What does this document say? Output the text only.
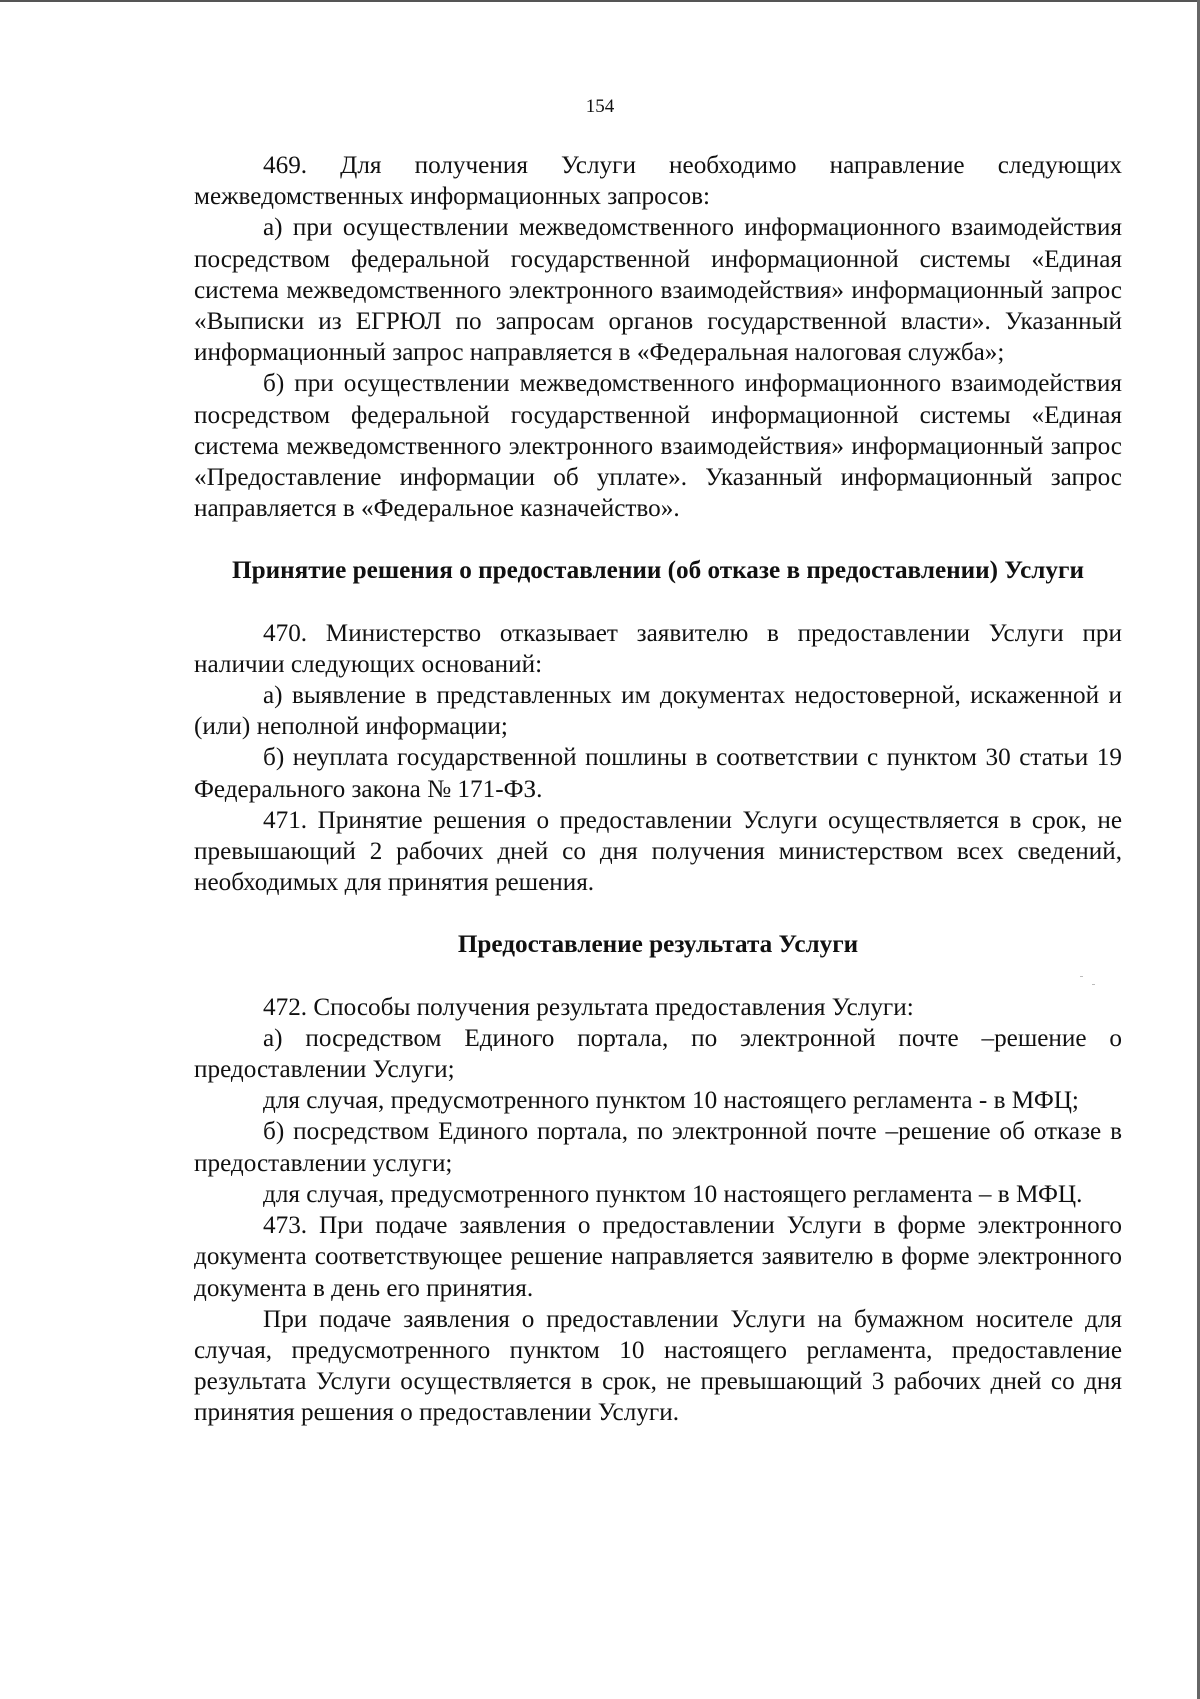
154

469. Для получения Услуги необходимо направление следующих межведомственных информационных запросов:

а) при осуществлении межведомственного информационного взаимодействия посредством федеральной государственной информационной системы «Единая система межведомственного электронного взаимодействия» информационный запрос «Выписки из ЕГРЮЛ по запросам органов государственной власти». Указанный информационный запрос направляется в «Федеральная налоговая служба»;

б) при осуществлении межведомственного информационного взаимодействия посредством федеральной государственной информационной системы «Единая система межведомственного электронного взаимодействия» информационный запрос «Предоставление информации об уплате». Указанный информационный запрос направляется в «Федеральное казначейство».

Принятие решения о предоставлении (об отказе в предоставлении) Услуги

470. Министерство отказывает заявителю в предоставлении Услуги при наличии следующих оснований:

а) выявление в представленных им документах недостоверной, искаженной и (или) неполной информации;

б) неуплата государственной пошлины в соответствии с пунктом 30 статьи 19 Федерального закона № 171-ФЗ.

471. Принятие решения о предоставлении Услуги осуществляется в срок, не превышающий 2 рабочих дней со дня получения министерством всех сведений, необходимых для принятия решения.

Предоставление результата Услуги

472. Способы получения результата предоставления Услуги:

а) посредством Единого портала, по электронной почте –решение о предоставлении Услуги;

для случая, предусмотренного пунктом 10 настоящего регламента - в МФЦ;

б) посредством Единого портала, по электронной почте –решение об отказе в предоставлении услуги;

для случая, предусмотренного пунктом 10 настоящего регламента – в МФЦ.

473. При подаче заявления о предоставлении Услуги в форме электронного документа соответствующее решение направляется заявителю в форме электронного документа в день его принятия.

При подаче заявления о предоставлении Услуги на бумажном носителе для случая, предусмотренного пунктом 10 настоящего регламента, предоставление результата Услуги осуществляется в срок, не превышающий 3 рабочих дней со дня принятия решения о предоставлении Услуги.
